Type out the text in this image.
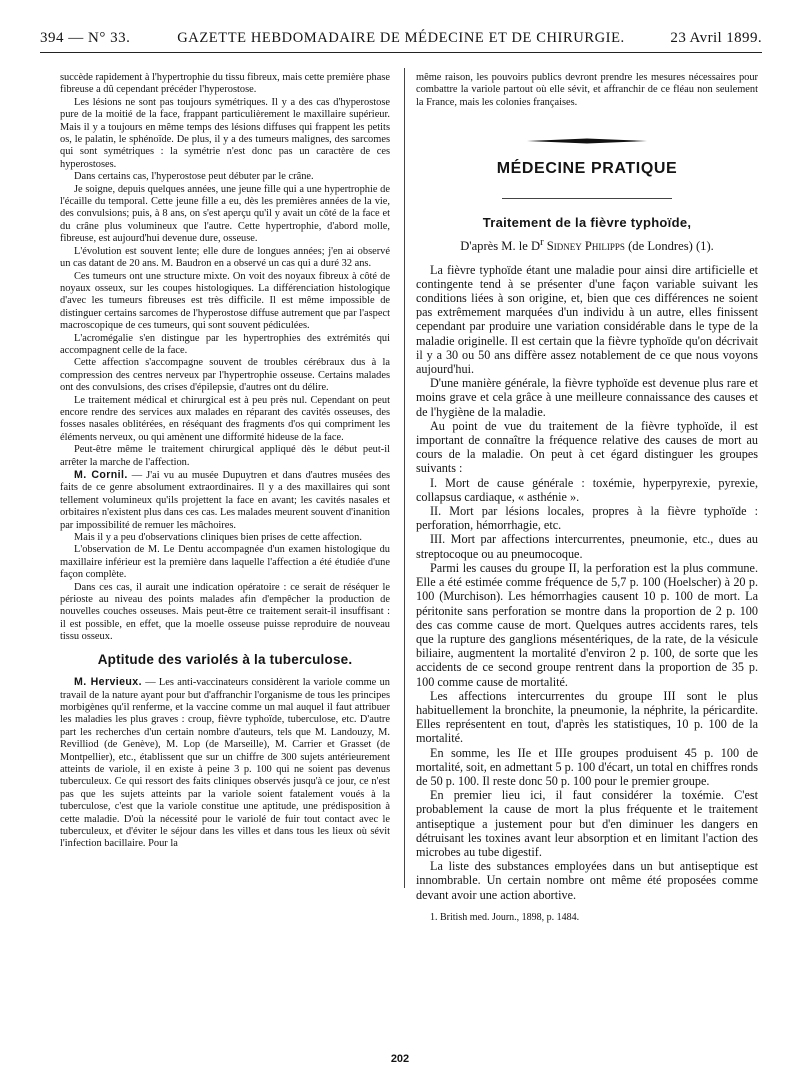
394 — N° 33.	GAZETTE HEBDOMADAIRE DE MÉDECINE ET DE CHIRURGIE.	23 Avril 1899.

succède rapidement à l'hypertrophie du tissu fibreux, mais cette première phase fibreuse a dû cependant précéder l'hyperostose.

Les lésions ne sont pas toujours symétriques. Il y a des cas d'hyperostose pure de la moitié de la face, frappant particulièrement le maxillaire supérieur. Mais il y a toujours en même temps des lésions diffuses qui frappent les petits os, le palatin, le sphénoïde. De plus, il y a des tumeurs malignes, des sarcomes qui sont symétriques : la symétrie n'est donc pas un caractère de ces hyperostoses.

Dans certains cas, l'hyperostose peut débuter par le crâne.

Je soigne, depuis quelques années, une jeune fille qui a une hypertrophie de l'écaille du temporal. Cette jeune fille a eu, dès les premières années de la vie, des convulsions; puis, à 8 ans, on s'est aperçu qu'il y avait un côté de la face et du crâne plus volumineux que l'autre. Cette hypertrophie, d'abord molle, fibreuse, est aujourd'hui devenue dure, osseuse.

L'évolution est souvent lente; elle dure de longues années; j'en ai observé un cas datant de 20 ans. M. Baudron en a observé un cas qui a duré 32 ans.

Ces tumeurs ont une structure mixte. On voit des noyaux fibreux à côté de noyaux osseux, sur les coupes histologiques. La différenciation histologique d'avec les tumeurs fibreuses est très difficile. Il est même impossible de distinguer certains sarcomes de l'hyperostose diffuse autrement que par l'aspect macroscopique de ces tumeurs, qui sont souvent pédiculées.

L'acromégalie s'en distingue par les hypertrophies des extrémités qui accompagnent celle de la face.

Cette affection s'accompagne souvent de troubles cérébraux dus à la compression des centres nerveux par l'hypertrophie osseuse. Certains malades ont des convulsions, des crises d'épilepsie, d'autres ont du délire.

Le traitement médical et chirurgical est à peu près nul. Cependant on peut encore rendre des services aux malades en réparant des cavités osseuses, des fosses nasales oblitérées, en réséquant des fragments d'os qui compriment les éléments nerveux, ou qui amènent une difformité hideuse de la face.

Peut-être même le traitement chirurgical appliqué dès le début peut-il arrêter la marche de l'affection.

M. Cornil. — J'ai vu au musée Dupuytren et dans d'autres musées des faits de ce genre absolument extraordinaires. Il y a des maxillaires qui sont tellement volumineux qu'ils projettent la face en avant; les cavités nasales et orbitaires n'existent plus dans ces cas. Les malades meurent souvent d'inanition par impossibilité de remuer les mâchoires.

Mais il y a peu d'observations cliniques bien prises de cette affection.

L'observation de M. Le Dentu accompagnée d'un examen histologique du maxillaire inférieur est la première dans laquelle l'affection a été étudiée d'une façon complète.

Dans ces cas, il aurait une indication opératoire : ce serait de réséquer le périoste au niveau des points malades afin d'empêcher la production de nouvelles couches osseuses. Mais peut-être ce traitement serait-il insuffisant : il est possible, en effet, que la moelle osseuse puisse reproduire de nouveau tissu osseux.

Aptitude des variolés à la tuberculose.

M. Hervieux. — Les anti-vaccinateurs considèrent la variole comme un travail de la nature ayant pour but d'affranchir l'organisme de tous les principes morbigènes qu'il renferme, et la vaccine comme un mal auquel il faut attribuer les maladies les plus graves : croup, fièvre typhoïde, tuberculose, etc. D'autre part les recherches d'un certain nombre d'auteurs, tels que M. Landouzy, M. Revilliod (de Genève), M. Lop (de Marseille), M. Carrier et Grasset (de Montpellier), etc., établissent que sur un chiffre de 300 sujets antérieurement atteints de variole, il en existe à peine 3 p. 100 qui ne soient pas devenus tuberculeux. Ce qui ressort des faits cliniques observés jusqu'à ce jour, ce n'est pas que les sujets atteints par la variole soient fatalement voués à la tuberculose, c'est que la variole constitue une aptitude, une prédisposition à cette maladie. D'où la nécessité pour le variolé de fuir tout contact avec le tuberculeux, et d'éviter le séjour dans les villes et dans tous les lieux où sévit l'infection bacillaire. Pour la

même raison, les pouvoirs publics devront prendre les mesures nécessaires pour combattre la variole partout où elle sévit, et affranchir de ce fléau non seulement la France, mais les colonies françaises.

MÉDECINE PRATIQUE
Traitement de la fièvre typhoïde,
D'après M. le $D^r$ Sidney Philipps (de Londres) (1).

La fièvre typhoïde étant une maladie pour ainsi dire artificielle et contingente tend à se présenter d'une façon variable suivant les conditions liées à son origine, et, bien que ces différences ne soient pas extrêmement marquées d'un individu à un autre, elles finissent cependant par produire une variation considérable dans le type de la maladie originelle. Il est certain que la fièvre typhoïde qu'on décrivait il y a 30 ou 50 ans diffère assez notablement de ce que nous voyons aujourd'hui.

D'une manière générale, la fièvre typhoïde est devenue plus rare et moins grave et cela grâce à une meilleure connaissance des causes et de l'hygiène de la maladie.

Au point de vue du traitement de la fièvre typhoïde, il est important de connaître la fréquence relative des causes de mort au cours de la maladie. On peut à cet égard distinguer les groupes suivants :

I. Mort de cause générale : toxémie, hyperpyrexie, pyrexie, collapsus cardiaque, « asthénie ».

II. Mort par lésions locales, propres à la fièvre typhoïde : perforation, hémorrhagie, etc.

III. Mort par affections intercurrentes, pneumonie, etc., dues au streptocoque ou au pneumocoque.

Parmi les causes du groupe II, la perforation est la plus commune. Elle a été estimée comme fréquence de 5,7 p. 100 (Hoelscher) à 20 p. 100 (Murchison). Les hémorrhagies causent 10 p. 100 de mort. La péritonite sans perforation se montre dans la proportion de 2 p. 100 des cas comme cause de mort. Quelques autres accidents rares, tels que la rupture des ganglions mésentériques, de la rate, de la vésicule biliaire, augmentent la mortalité d'environ 2 p. 100, de sorte que les accidents de ce second groupe rentrent dans la proportion de 35 p. 100 comme cause de mortalité.

Les affections intercurrentes du groupe III sont le plus habituellement la bronchite, la pneumonie, la néphrite, la péricardite. Elles représentent en tout, d'après les statistiques, 10 p. 100 de la mortalité.

En somme, les IIe et IIIe groupes produisent 45 p. 100 de mortalité, soit, en admettant 5 p. 100 d'écart, un total en chiffres ronds de 50 p. 100. Il reste donc 50 p. 100 pour le premier groupe.

En premier lieu ici, il faut considérer la toxémie. C'est probablement la cause de mort la plus fréquente et le traitement antiseptique a justement pour but d'en diminuer les dangers en détruisant les toxines avant leur absorption et en limitant l'action des microbes au tube digestif.

La liste des substances employées dans un but antiseptique est innombrable. Un certain nombre ont même été proposées comme devant avoir une action abortive.

1. British med. Journ., 1898, p. 1484.
202
